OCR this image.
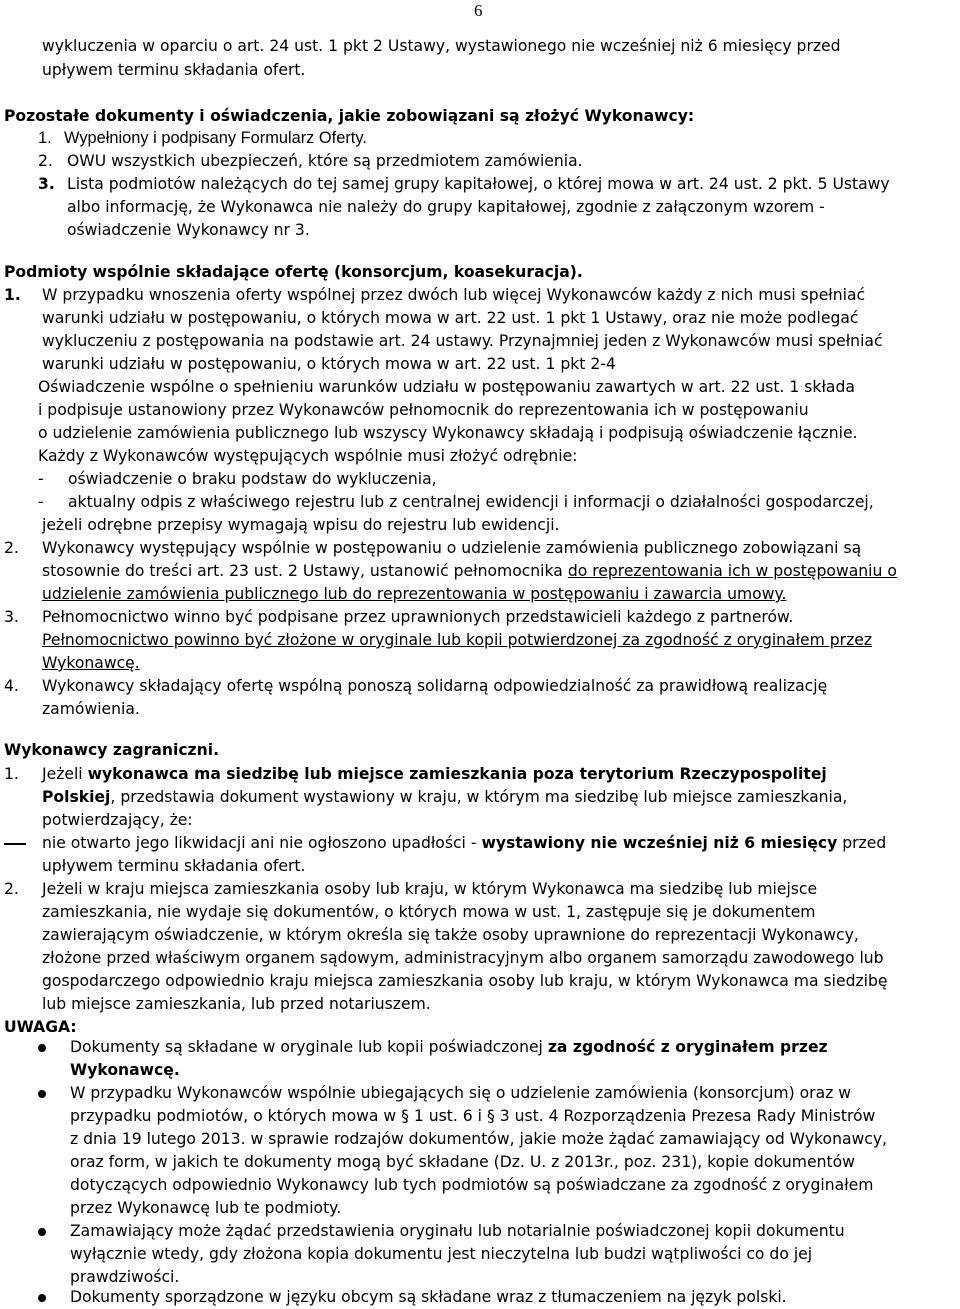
6
wykluczenia w oparciu o art. 24 ust. 1 pkt 2 Ustawy, wystawionego nie wcześniej niż 6 miesięcy przed
upływem terminu składania ofert.
Pozostałe dokumenty i oświadczenia, jakie zobowiązani są złożyć Wykonawcy:
1. Wypełniony i podpisany Formularz Oferty.
2. OWU wszystkich ubezpieczeń, które są przedmiotem zamówienia.
3. Lista podmiotów należących do tej samej grupy kapitałowej, o której mowa w art. 24 ust. 2 pkt. 5 Ustawy
albo informację, że Wykonawca nie należy do grupy kapitałowej, zgodnie z załączonym wzorem -
oświadczenie Wykonawcy nr 3.
Podmioty wspólnie składające ofertę (konsorcjum, koasekuracja).
1. W przypadku wnoszenia oferty wspólnej przez dwóch lub więcej Wykonawców każdy z nich musi spełniać
warunki udziału w postępowaniu, o których mowa w art. 22 ust. 1 pkt 1 Ustawy, oraz nie może podlegać
wykluczeniu z postępowania na podstawie art. 24 ustawy. Przynajmniej jeden z Wykonawców musi spełniać
warunki udziału w postępowaniu, o których mowa w art. 22 ust. 1 pkt 2-4
Oświadczenie wspólne o spełnieniu warunków udziału w postępowaniu zawartych w art. 22 ust. 1 składa
i podpisuje ustanowiony przez Wykonawców pełnomocnik do reprezentowania ich w postępowaniu
o udzielenie zamówienia publicznego lub wszyscy Wykonawcy składają i podpisują oświadczenie łącznie.
Każdy z Wykonawców występujących wspólnie musi złożyć odrębnie:
- oświadczenie o braku podstaw do wykluczenia,
- aktualny odpis z właściwego rejestru lub z centralnej ewidencji i informacji o działalności gospodarczej,
jeżeli odrębne przepisy wymagają wpisu do rejestru lub ewidencji.
2. Wykonawcy występujący wspólnie w postępowaniu o udzielenie zamówienia publicznego zobowiązani są
stosownie do treści art. 23 ust. 2 Ustawy, ustanowić pełnomocnika do reprezentowania ich w postępowaniu o
udzielenie zamówienia publicznego lub do reprezentowania w postępowaniu i zawarcia umowy.
3. Pełnomocnictwo winno być podpisane przez uprawnionych przedstawicieli każdego z partnerów.
Pełnomocnictwo powinno być złożone w oryginale lub kopii potwierdzonej za zgodność z oryginałem przez
Wykonawcę.
4. Wykonawcy składający ofertę wspólną ponoszą solidarną odpowiedzialność za prawidłową realizację
zamówienia.
Wykonawcy zagraniczni.
1. Jeżeli wykonawca ma siedzibę lub miejsce zamieszkania poza terytorium Rzeczypospolitej
Polskiej, przedstawia dokument wystawiony w kraju, w którym ma siedzibę lub miejsce zamieszkania,
potwierdzający, że:
nie otwarto jego likwidacji ani nie ogłoszono upadłości - wystawiony nie wcześniej niż 6 miesięcy przed
upływem terminu składania ofert.
2. Jeżeli w kraju miejsca zamieszkania osoby lub kraju, w którym Wykonawca ma siedzibę lub miejsce
zamieszkania, nie wydaje się dokumentów, o których mowa w ust. 1, zastępuje się je dokumentem
zawierającym oświadczenie, w którym określa się także osoby uprawnione do reprezentacji Wykonawcy,
złożone przed właściwym organem sądowym, administracyjnym albo organem samorządu zawodowego lub
gospodarczego odpowiednio kraju miejsca zamieszkania osoby lub kraju, w którym Wykonawca ma siedzibę
lub miejsce zamieszkania, lub przed notariuszem.
UWAGA:
Dokumenty są składane w oryginale lub kopii poświadczonej za zgodność z oryginałem przez
Wykonawcę.
W przypadku Wykonawców wspólnie ubiegających się o udzielenie zamówienia (konsorcjum) oraz w
przypadku podmiotów, o których mowa w § 1 ust. 6 i § 3 ust. 4 Rozporządzenia Prezesa Rady Ministrów
z dnia 19 lutego 2013. w sprawie rodzajów dokumentów, jakie może żądać zamawiający od Wykonawcy,
oraz form, w jakich te dokumenty mogą być składane (Dz. U. z 2013r., poz. 231), kopie dokumentów
dotyczących odpowiednio Wykonawcy lub tych podmiotów są poświadczane za zgodność z oryginałem
przez Wykonawcę lub te podmioty.
Zamawiający może żądać przedstawienia oryginału lub notarialnie poświadczonej kopii dokumentu
wyłącznie wtedy, gdy złożona kopia dokumentu jest nieczytelna lub budzi wątpliwości co do jej
prawdziwości.
Dokumenty sporządzone w języku obcym są składane wraz z tłumaczeniem na język polski.
